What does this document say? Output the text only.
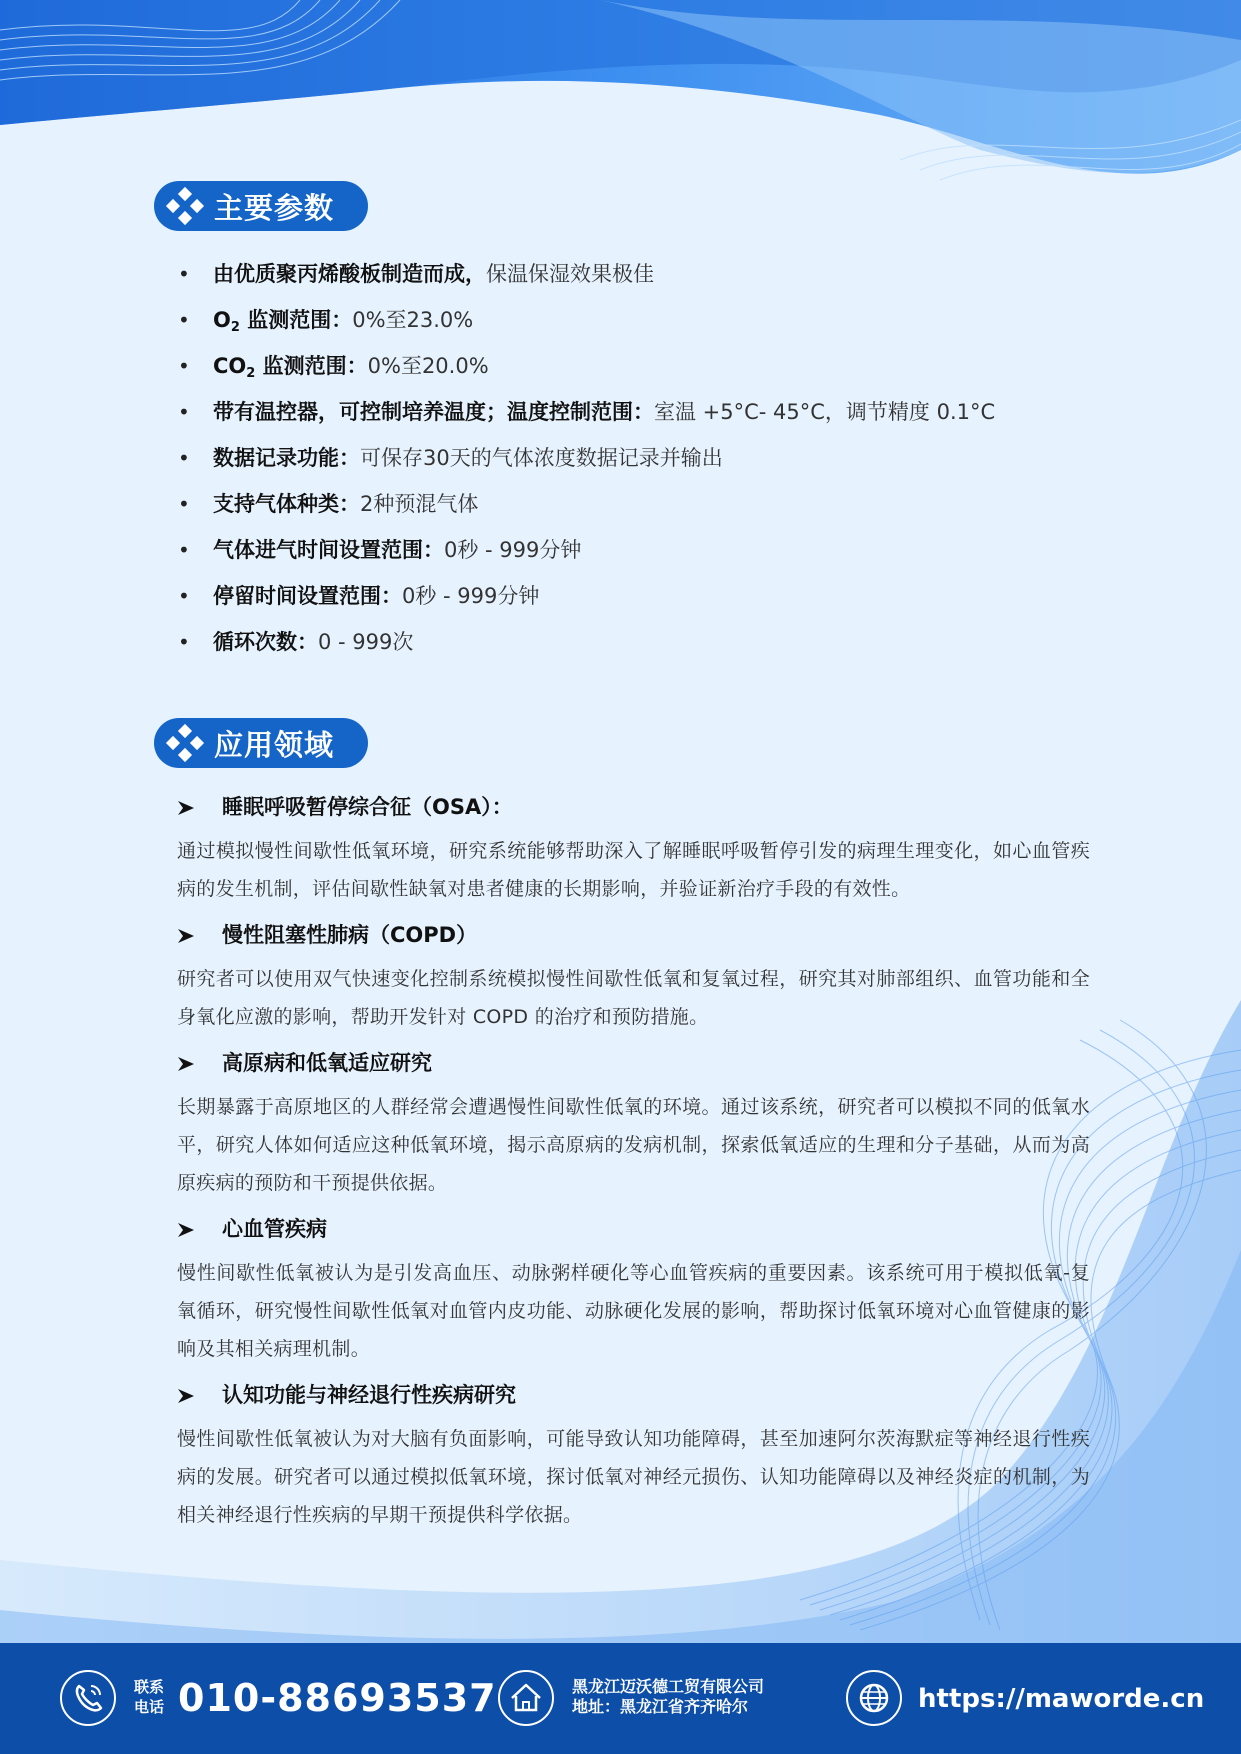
主要参数
• 由优质聚丙烯酸板制造而成，保温保湿效果极佳
• $O_2$ 监测范围：0%至23.0%
• $CO_2$ 监测范围：0%至20.0%
• 带有温控器，可控制培养温度；温度控制范围：室温 +5°C- 45°C，调节精度 0.1°C
• 数据记录功能：可保存30天的气体浓度数据记录并输出
• 支持气体种类：2种预混气体
• 气体进气时间设置范围：0秒 - 999分钟
• 停留时间设置范围：0秒 - 999分钟
• 循环次数：0 - 999次
应用领域
睡眠呼吸暂停综合征（OSA）：
通过模拟慢性间歇性低氧环境，研究系统能够帮助深入了解睡眠呼吸暂停引发的病理生理变化，如心血管疾病的发生机制，评估间歇性缺氧对患者健康的长期影响，并验证新治疗手段的有效性。
慢性阻塞性肺病（COPD）
研究者可以使用双气快速变化控制系统模拟慢性间歇性低氧和复氧过程，研究其对肺部组织、血管功能和全身氧化应激的影响，帮助开发针对 COPD 的治疗和预防措施。
高原病和低氧适应研究
长期暴露于高原地区的人群经常会遭遇慢性间歇性低氧的环境。通过该系统，研究者可以模拟不同的低氧水平，研究人体如何适应这种低氧环境，揭示高原病的发病机制，探索低氧适应的生理和分子基础，从而为高原疾病的预防和干预提供依据。
心血管疾病
慢性间歇性低氧被认为是引发高血压、动脉粥样硬化等心血管疾病的重要因素。该系统可用于模拟低氧-复氧循环，研究慢性间歇性低氧对血管内皮功能、动脉硬化发展的影响，帮助探讨低氧环境对心血管健康的影响及其相关病理机制。
认知功能与神经退行性疾病研究
慢性间歇性低氧被认为对大脑有负面影响，可能导致认知功能障碍，甚至加速阿尔茨海默症等神经退行性疾病的发展。研究者可以通过模拟低氧环境，探讨低氧对神经元损伤、认知功能障碍以及神经炎症的机制，为相关神经退行性疾病的早期干预提供科学依据。
联系
电话 010-88693537	黑龙江迈沃德工贸有限公司
地址：黑龙江省齐齐哈尔	https://maworde.cn
